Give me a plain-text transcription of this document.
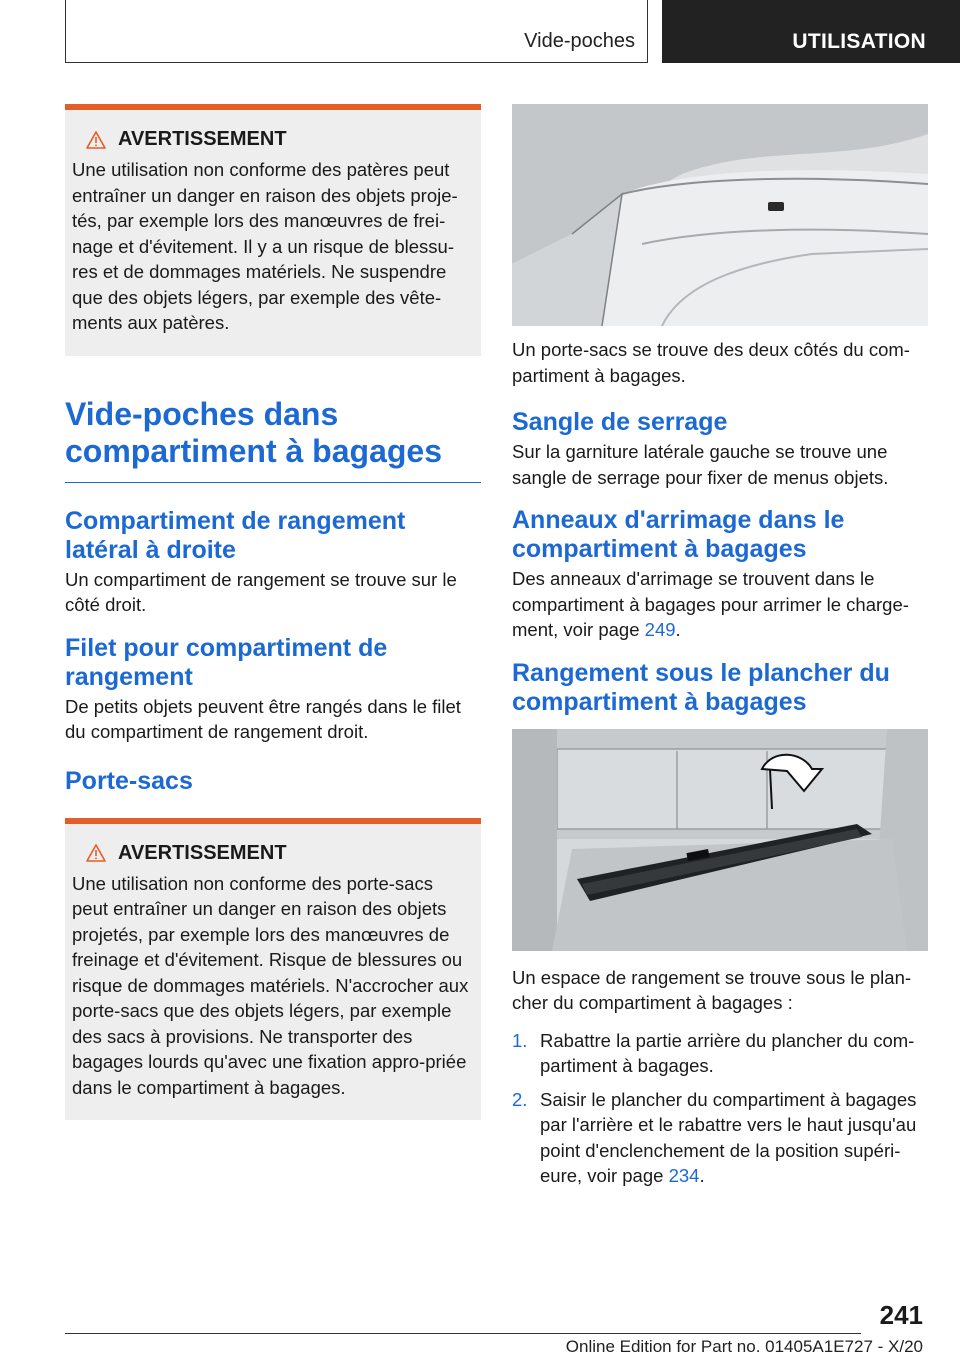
Vide-poches	UTILISATION
AVERTISSEMENT

Une utilisation non conforme des patères peut entraîner un danger en raison des objets proje-tés, par exemple lors des manœuvres de frei-nage et d'évitement. Il y a un risque de blessu-res et de dommages matériels. Ne suspendre que des objets légers, par exemple des vête-ments aux patères.

Vide-poches dans compartiment à bagages
Compartiment de rangement latéral à droite

Un compartiment de rangement se trouve sur le côté droit.

Filet pour compartiment de rangement

De petits objets peuvent être rangés dans le filet du compartiment de rangement droit.

Porte-sacs
AVERTISSEMENT

Une utilisation non conforme des porte-sacs peut entraîner un danger en raison des objets projetés, par exemple lors des manœuvres de freinage et d'évitement. Risque de blessures ou risque de dommages matériels. N'accrocher aux porte-sacs que des objets légers, par exemple des sacs à provisions. Ne transporter des bagages lourds qu'avec une fixation appro-priée dans le compartiment à bagages.

Un porte-sacs se trouve des deux côtés du com-partiment à bagages.

Sangle de serrage

Sur la garniture latérale gauche se trouve une sangle de serrage pour fixer de menus objets.

Anneaux d'arrimage dans le compartiment à bagages

Des anneaux d'arrimage se trouvent dans le compartiment à bagages pour arrimer le charge-ment, voir page 249.

Rangement sous le plancher du compartiment à bagages

Un espace de rangement se trouve sous le plan-cher du compartiment à bagages :

1. Rabattre la partie arrière du plancher du com-partiment à bagages.
2. Saisir le plancher du compartiment à bagages par l'arrière et le rabattre vers le haut jusqu'au point d'enclenchement de la position supéri-eure, voir page 234.
241
Online Edition for Part no. 01405A1E727 - X/20
